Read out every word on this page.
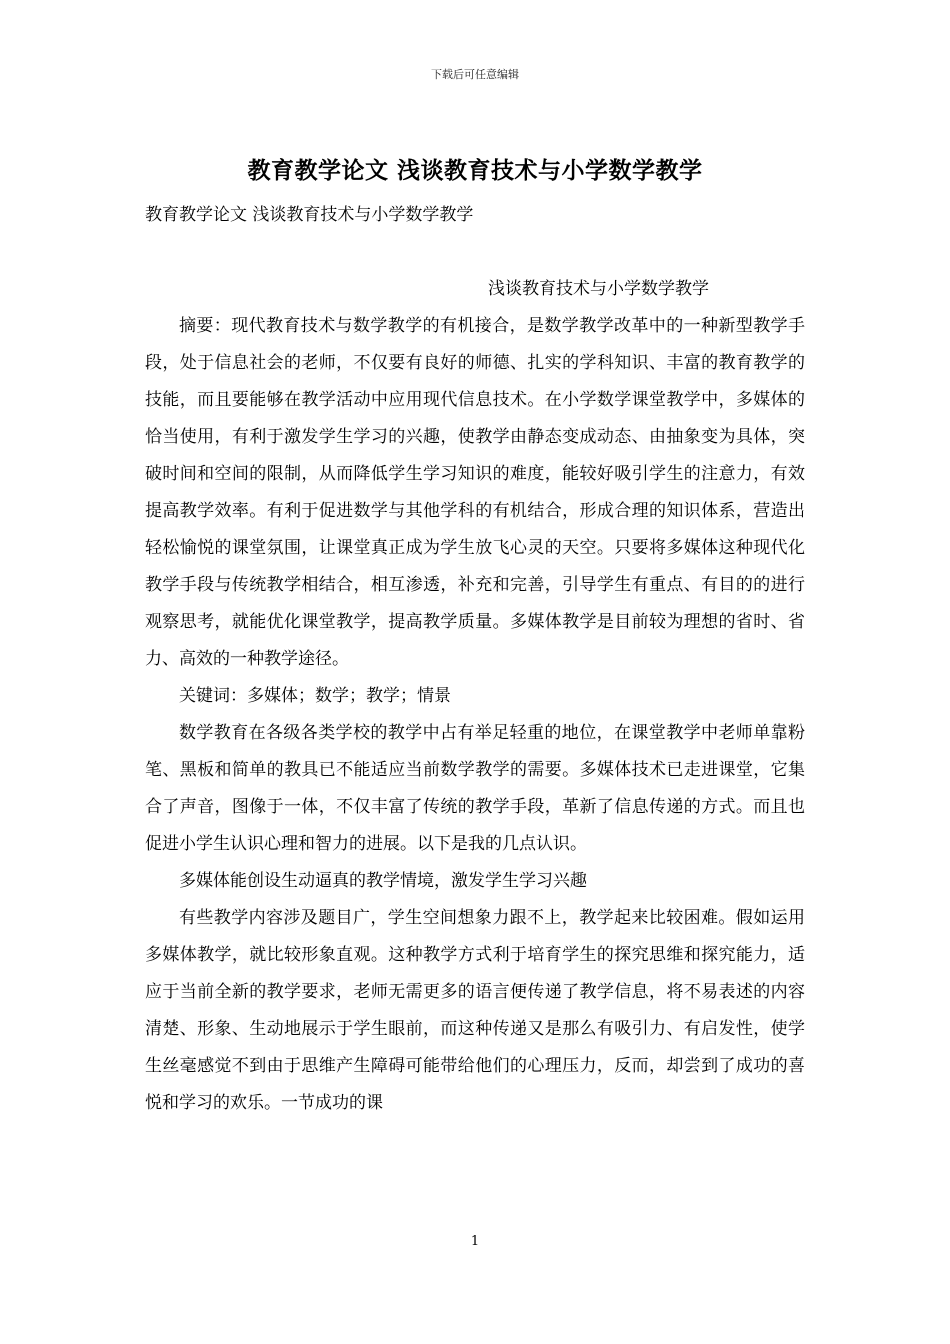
下载后可任意编辑
教育教学论文 浅谈教育技术与小学数学教学
教育教学论文 浅谈教育技术与小学数学教学
浅谈教育技术与小学数学教学

摘要：现代教育技术与数学教学的有机接合，是数学教学改革中的一种新型教学手段，处于信息社会的老师，不仅要有良好的师德、扎实的学科知识、丰富的教育教学的技能，而且要能够在教学活动中应用现代信息技术。在小学数学课堂教学中，多媒体的恰当使用，有利于激发学生学习的兴趣，使教学由静态变成动态、由抽象变为具体，突破时间和空间的限制，从而降低学生学习知识的难度，能较好吸引学生的注意力，有效提高教学效率。有利于促进数学与其他学科的有机结合，形成合理的知识体系，营造出轻松愉悦的课堂氛围，让课堂真正成为学生放飞心灵的天空。只要将多媒体这种现代化教学手段与传统教学相结合，相互渗透，补充和完善，引导学生有重点、有目的的进行观察思考，就能优化课堂教学，提高教学质量。多媒体教学是目前较为理想的省时、省力、高效的一种教学途径。

关键词：多媒体；数学；教学；情景

数学教育在各级各类学校的教学中占有举足轻重的地位，在课堂教学中老师单靠粉笔、黑板和简单的教具已不能适应当前数学教学的需要。多媒体技术已走进课堂，它集合了声音，图像于一体，不仅丰富了传统的教学手段，革新了信息传递的方式。而且也促进小学生认识心理和智力的进展。以下是我的几点认识。

多媒体能创设生动逼真的教学情境，激发学生学习兴趣

有些教学内容涉及题目广，学生空间想象力跟不上，教学起来比较困难。假如运用多媒体教学，就比较形象直观。这种教学方式利于培育学生的探究思维和探究能力，适应于当前全新的教学要求，老师无需更多的语言便传递了教学信息，将不易表述的内容清楚、形象、生动地展示于学生眼前，而这种传递又是那么有吸引力、有启发性，使学生丝毫感觉不到由于思维产生障碍可能带给他们的心理压力，反而，却尝到了成功的喜悦和学习的欢乐。一节成功的课

1
